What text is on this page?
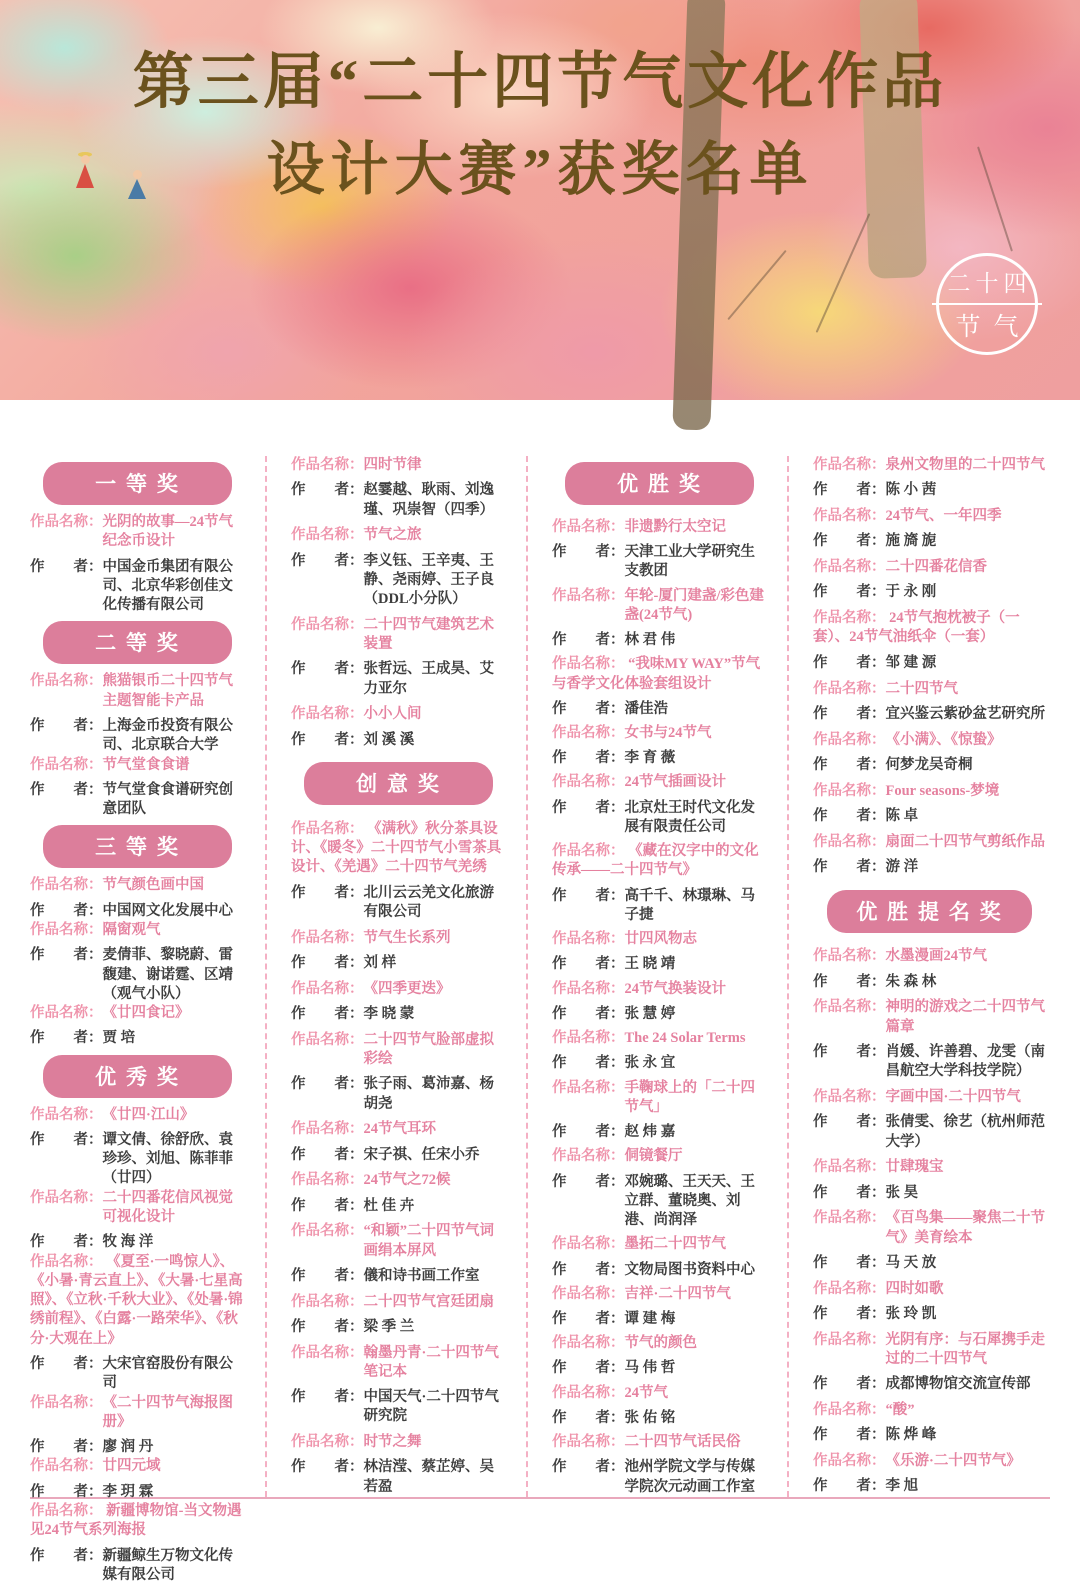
第三届“二十四节气文化作品
设计大赛”获奖名单
二十四
节气
一 等 奖
作品名称： 光阴的故事—24节气纪念币设计
作　　者： 中国金币集团有限公司、北京华彩创佳文化传播有限公司
二 等 奖
作品名称： 熊猫银币二十四节气主题智能卡产品
作　　者： 上海金币投资有限公司、北京联合大学
作品名称： 节气堂食食谱
作　　者： 节气堂食食谱研究创意团队
三 等 奖
作品名称： 节气颜色画中国
作　　者： 中国网文化发展中心
作品名称： 隔窗观气
作　　者： 麦倩菲、黎晓蔚、雷馥建、谢诺霆、区靖（观气小队）
作品名称： 《廿四食记》
作　　者： 贾 培
优 秀 奖
作品名称： 《廿四·江山》
作　　者： 谭文倩、徐舒欣、袁珍珍、刘旭、陈菲菲（廿四）
作品名称： 二十四番花信风视觉可视化设计
作　　者： 牧 海 洋
作品名称： 《夏至·一鸣惊人》、《小暑·青云直上》、《大暑·七星高照》、《立秋·千秋大业》、《处暑·锦绣前程》、《白露·一路荣华》、《秋分·大观在上》
作　　者： 大宋官窑股份有限公司
作品名称： 《二十四节气海报图册》
作　　者： 廖 润 丹
作品名称： 廿四元域
作　　者： 李 玥 霖
作品名称： 新疆博物馆-当文物遇见24节气系列海报
作　　者： 新疆鲸生万物文化传媒有限公司
作品名称： 四时节律
作　　者： 赵霎越、耿雨、刘逸瑾、巩崇智（四季）
作品名称： 节气之旅
作　　者： 李义钰、王辛夷、王静、尧雨婷、王子良（DDL小分队）
作品名称： 二十四节气建筑艺术装置
作　　者： 张哲远、王成昊、艾力亚尔
作品名称： 小小人间
作　　者： 刘 溪 溪
创 意 奖
作品名称： 《满秋》秋分茶具设计、《暖冬》二十四节气小雪茶具设计、《羌遇》二十四节气羌绣
作　　者： 北川云云羌文化旅游有限公司
作品名称： 节气生长系列
作　　者： 刘 样
作品名称： 《四季更迭》
作　　者： 李 晓 蒙
作品名称： 二十四节气脸部虚拟彩绘
作　　者： 张子雨、葛沛嘉、杨胡尧
作品名称： 24节气耳环
作　　者： 宋子祺、任宋小乔
作品名称： 24节气之72候
作　　者： 杜 佳 卉
作品名称： “和颖”二十四节气词画绢本屏风
作　　者： 儀和诗书画工作室
作品名称： 二十四节气宫廷团扇
作　　者： 梁 季 兰
作品名称： 翰墨丹青·二十四节气笔记本
作　　者： 中国天气·二十四节气研究院
作品名称： 时节之舞
作　　者： 林洁滢、蔡芷婷、吴若盈
优 胜 奖
作品名称： 非遗黔行太空记
作　　者： 天津工业大学研究生支教团
作品名称： 年轮-厦门建盏/彩色建盏(24节气)
作　　者： 林 君 伟
作品名称： “我味MY WAY”节气与香学文化体验套组设计
作　　者： 潘佳浩
作品名称： 女书与24节气
作　　者： 李 育 薇
作品名称： 24节气插画设计
作　　者： 北京灶王时代文化发展有限责任公司
作品名称： 《藏在汉字中的文化传承——二十四节气》
作　　者： 高千千、林璟琳、马子捷
作品名称： 廿四风物志
作　　者： 王 晓 靖
作品名称： 24节气换装设计
作　　者： 张 慧 婷
作品名称： The 24 Solar Terms
作　　者： 张 永 宜
作品名称： 手鞠球上的「二十四节气」
作　　者： 赵 炜 嘉
作品名称： 侗镜餐厅
作　　者： 邓婉璐、王天天、王立群、董晓奥、刘港、尚润泽
作品名称： 墨拓二十四节气
作　　者： 文物局图书资料中心
作品名称： 吉祥·二十四节气
作　　者： 谭 建 梅
作品名称： 节气的颜色
作　　者： 马 伟 哲
作品名称： 24节气
作　　者： 张 佑 铭
作品名称： 二十四节气话民俗
作　　者： 池州学院文学与传媒学院次元动画工作室
作品名称： 泉州文物里的二十四节气
作　　者： 陈 小 茜
作品名称： 24节气、一年四季
作　　者： 施 旖 旎
作品名称： 二十四番花信香
作　　者： 于 永 刚
作品名称： 24节气抱枕被子（一套）、24节气油纸伞（一套）
作　　者： 邹 建 源
作品名称： 二十四节气
作　　者： 宜兴鉴云紫砂盆艺研究所
作品名称： 《小满》、《惊蛰》
作　　者： 何梦龙吴奇桐
作品名称： Four seasons-梦境
作　　者： 陈 卓
作品名称： 扇面二十四节气剪纸作品
作　　者： 游 洋
优 胜 提 名 奖
作品名称： 水墨漫画24节气
作　　者： 朱 森 林
作品名称： 神明的游戏之二十四节气篇章
作　　者： 肖媛、许善碧、龙雯（南昌航空大学科技学院）
作品名称： 字画中国·二十四节气
作　　者： 张倩雯、徐艺（杭州师范大学）
作品名称： 廿肆瑰宝
作　　者： 张 昊
作品名称： 《百鸟集——聚焦二十节气》美育绘本
作　　者： 马 天 放
作品名称： 四时如歌
作　　者： 张 玲 凯
作品名称： 光阴有序：与石犀携手走过的二十四节气
作　　者： 成都博物馆交流宣传部
作品名称： “酸”
作　　者： 陈 烨 峰
作品名称： 《乐游·二十四节气》
作　　者： 李 旭
